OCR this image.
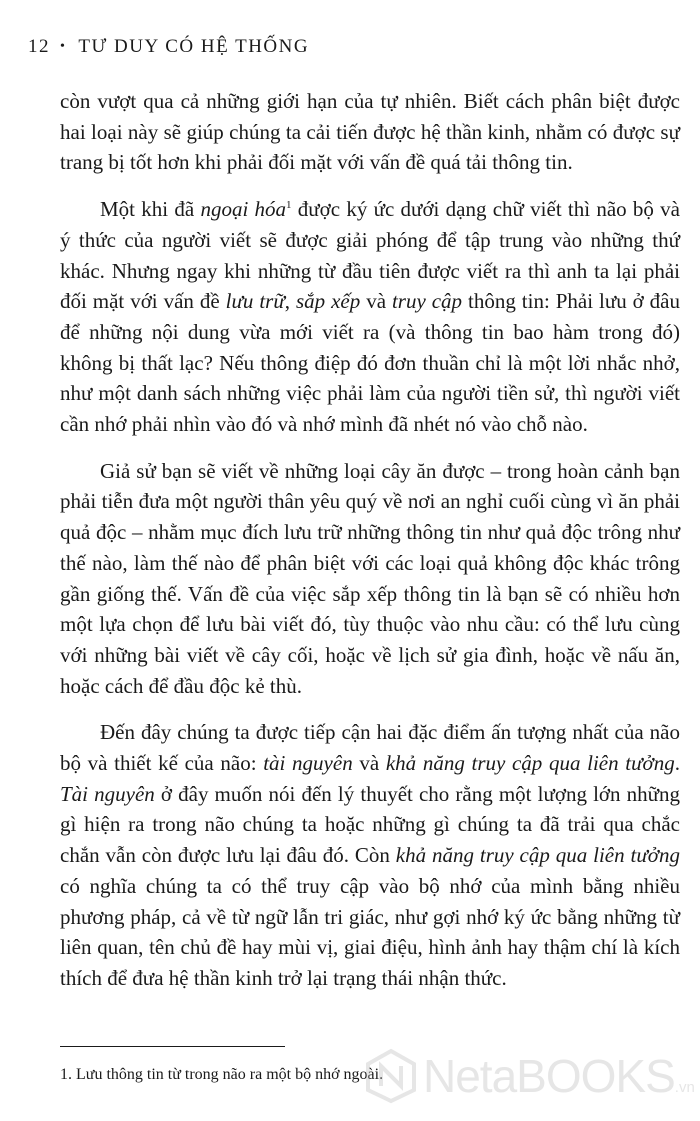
12 • TƯ DUY CÓ HỆ THỐNG

còn vượt qua cả những giới hạn của tự nhiên. Biết cách phân biệt được hai loại này sẽ giúp chúng ta cải tiến được hệ thần kinh, nhằm có được sự trang bị tốt hơn khi phải đối mặt với vấn đề quá tải thông tin.

Một khi đã ngoại hóa$^1$ được ký ức dưới dạng chữ viết thì não bộ và ý thức của người viết sẽ được giải phóng để tập trung vào những thứ khác. Nhưng ngay khi những từ đầu tiên được viết ra thì anh ta lại phải đối mặt với vấn đề lưu trữ, sắp xếp và truy cập thông tin: Phải lưu ở đâu để những nội dung vừa mới viết ra (và thông tin bao hàm trong đó) không bị thất lạc? Nếu thông điệp đó đơn thuần chỉ là một lời nhắc nhở, như một danh sách những việc phải làm của người tiền sử, thì người viết cần nhớ phải nhìn vào đó và nhớ mình đã nhét nó vào chỗ nào.

Giả sử bạn sẽ viết về những loại cây ăn được – trong hoàn cảnh bạn phải tiễn đưa một người thân yêu quý về nơi an nghỉ cuối cùng vì ăn phải quả độc – nhằm mục đích lưu trữ những thông tin như quả độc trông như thế nào, làm thế nào để phân biệt với các loại quả không độc khác trông gần giống thế. Vấn đề của việc sắp xếp thông tin là bạn sẽ có nhiều hơn một lựa chọn để lưu bài viết đó, tùy thuộc vào nhu cầu: có thể lưu cùng với những bài viết về cây cối, hoặc về lịch sử gia đình, hoặc về nấu ăn, hoặc cách để đầu độc kẻ thù.

Đến đây chúng ta được tiếp cận hai đặc điểm ấn tượng nhất của não bộ và thiết kế của não: tài nguyên và khả năng truy cập qua liên tưởng. Tài nguyên ở đây muốn nói đến lý thuyết cho rằng một lượng lớn những gì hiện ra trong não chúng ta hoặc những gì chúng ta đã trải qua chắc chắn vẫn còn được lưu lại đâu đó. Còn khả năng truy cập qua liên tưởng có nghĩa chúng ta có thể truy cập vào bộ nhớ của mình bằng nhiều phương pháp, cả về từ ngữ lẫn tri giác, như gợi nhớ ký ức bằng những từ liên quan, tên chủ đề hay mùi vị, giai điệu, hình ảnh hay thậm chí là kích thích để đưa hệ thần kinh trở lại trạng thái nhận thức.

1. Lưu thông tin từ trong não ra một bộ nhớ ngoài. NetaBOOKS .vn
